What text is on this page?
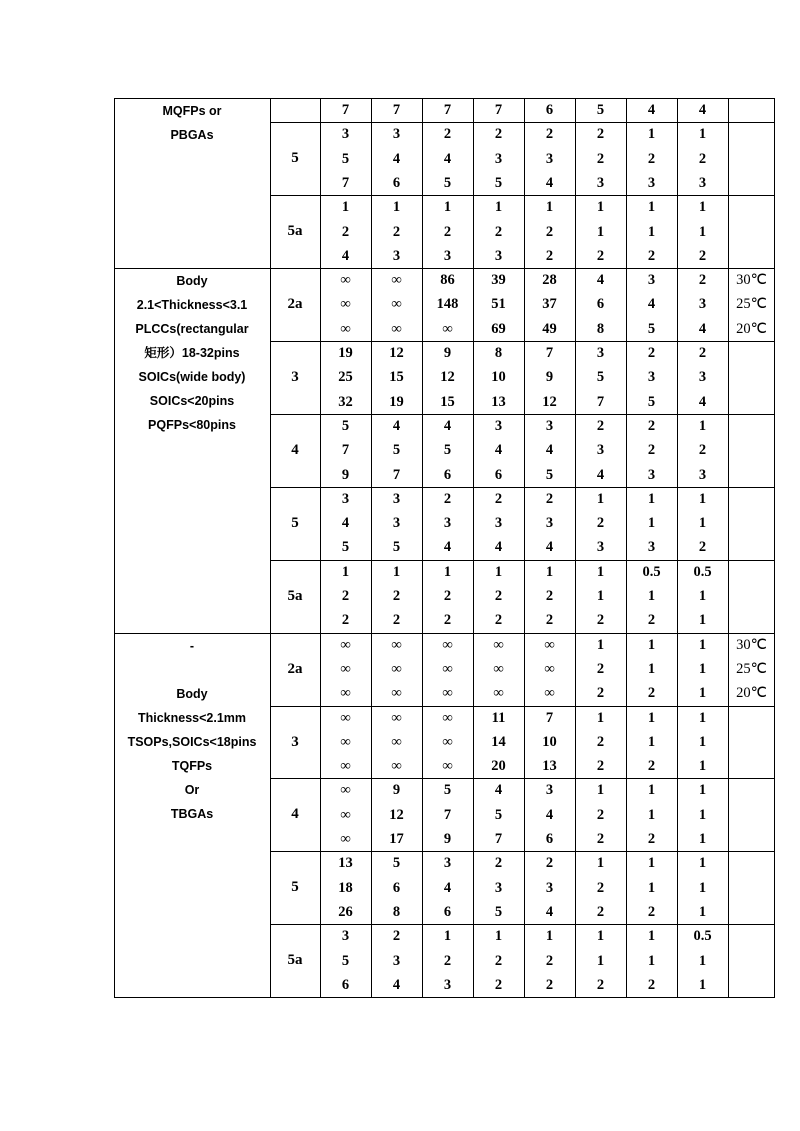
MQFPs or
PBGAs
7	7	7	7	6	5	4	4
5
3	3	2	2	2	2	1	1
5	4	4	3	3	2	2	2
7	6	5	5	4	3	3	3
5a
1	1	1	1	1	1	1	1
2	2	2	2	2	1	1	1
4	3	3	3	2	2	2	2
Body
2.1<Thickness<3.1
PLCCs(rectangular
矩形）18-32pins
SOICs(wide body)
SOICs<20pins
PQFPs<80pins
2a
∞	∞	86	39	28	4	3	2	30℃
∞	∞	148	51	37	6	4	3	25℃
∞	∞	∞	69	49	8	5	4	20℃
3
19	12	9	8	7	3	2	2
25	15	12	10	9	5	3	3
32	19	15	13	12	7	5	4
4
5	4	4	3	3	2	2	1
7	5	5	4	4	3	2	2
9	7	6	6	5	4	3	3
5
3	3	2	2	2	1	1	1
4	3	3	3	3	2	1	1
5	5	4	4	4	3	3	2
5a
1	1	1	1	1	1	0.5	0.5
2	2	2	2	2	1	1	1
2	2	2	2	2	2	2	1
-
Body
Thickness<2.1mm
TSOPs,SOICs<18pins
TQFPs
Or
TBGAs
2a
∞	∞	∞	∞	∞	1	1	1	30℃
∞	∞	∞	∞	∞	2	1	1	25℃
∞	∞	∞	∞	∞	2	2	1	20℃
3
∞	∞	∞	11	7	1	1	1
∞	∞	∞	14	10	2	1	1
∞	∞	∞	20	13	2	2	1
4
∞	9	5	4	3	1	1	1
∞	12	7	5	4	2	1	1
∞	17	9	7	6	2	2	1
5
13	5	3	2	2	1	1	1
18	6	4	3	3	2	1	1
26	8	6	5	4	2	2	1
5a
3	2	1	1	1	1	1	0.5
5	3	2	2	2	1	1	1
6	4	3	2	2	2	2	1
